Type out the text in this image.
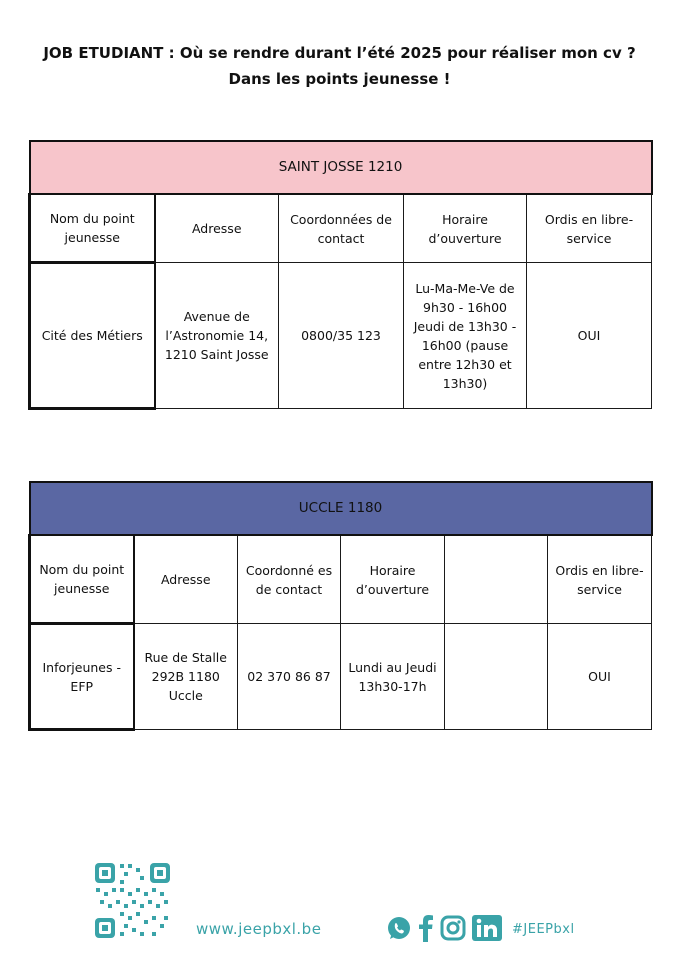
JOB ETUDIANT : Où se rendre durant l’été 2025 pour réaliser mon cv ?
Dans les points jeunesse !
SAINT JOSSE 1210				
Nom du point jeunesse	Adresse	Coordonnées de contact	Horaire d’ouverture	Ordis en libre-service
Cité des Métiers	Avenue de l’Astronomie 14, 1210 Saint Josse	0800/35 123	Lu-Ma-Me-Ve de 9h30 - 16h00 Jeudi de 13h30 - 16h00 (pause entre 12h30 et 13h30)	OUI
UCCLE 1180					
Nom du point jeunesse	Adresse	Coordonné es de contact	Horaire d’ouverture		Ordis en libre-service
Inforjeunes - EFP	Rue de Stalle 292B 1180 Uccle	02 370 86 87	Lundi au Jeudi 13h30-17h		OUI
www.jeepbxl.be	#JEEPbxl
